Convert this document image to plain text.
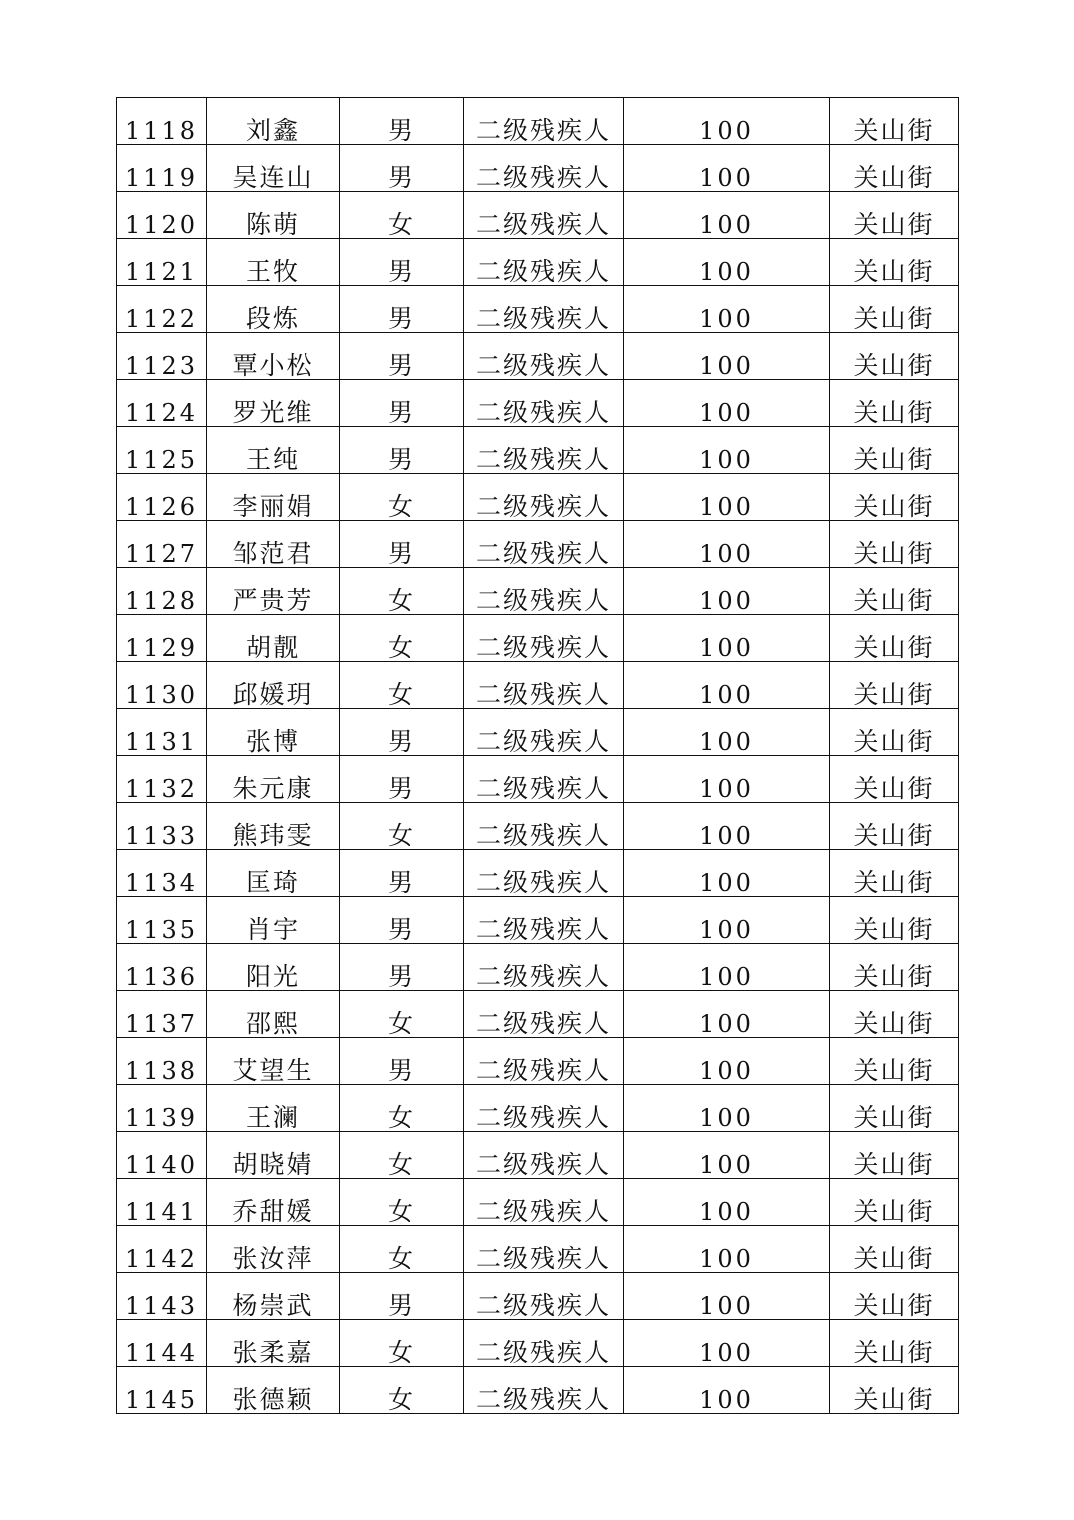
1118	刘鑫	男	二级残疾人	100	关山街
1119	吴连山	男	二级残疾人	100	关山街
1120	陈萌	女	二级残疾人	100	关山街
1121	王牧	男	二级残疾人	100	关山街
1122	段炼	男	二级残疾人	100	关山街
1123	覃小松	男	二级残疾人	100	关山街
1124	罗光维	男	二级残疾人	100	关山街
1125	王纯	男	二级残疾人	100	关山街
1126	李丽娟	女	二级残疾人	100	关山街
1127	邹范君	男	二级残疾人	100	关山街
1128	严贵芳	女	二级残疾人	100	关山街
1129	胡靓	女	二级残疾人	100	关山街
1130	邱媛玥	女	二级残疾人	100	关山街
1131	张博	男	二级残疾人	100	关山街
1132	朱元康	男	二级残疾人	100	关山街
1133	熊玮雯	女	二级残疾人	100	关山街
1134	匡琦	男	二级残疾人	100	关山街
1135	肖宇	男	二级残疾人	100	关山街
1136	阳光	男	二级残疾人	100	关山街
1137	邵熙	女	二级残疾人	100	关山街
1138	艾望生	男	二级残疾人	100	关山街
1139	王澜	女	二级残疾人	100	关山街
1140	胡晓婧	女	二级残疾人	100	关山街
1141	乔甜媛	女	二级残疾人	100	关山街
1142	张汝萍	女	二级残疾人	100	关山街
1143	杨崇武	男	二级残疾人	100	关山街
1144	张柔嘉	女	二级残疾人	100	关山街
1145	张德颖	女	二级残疾人	100	关山街
